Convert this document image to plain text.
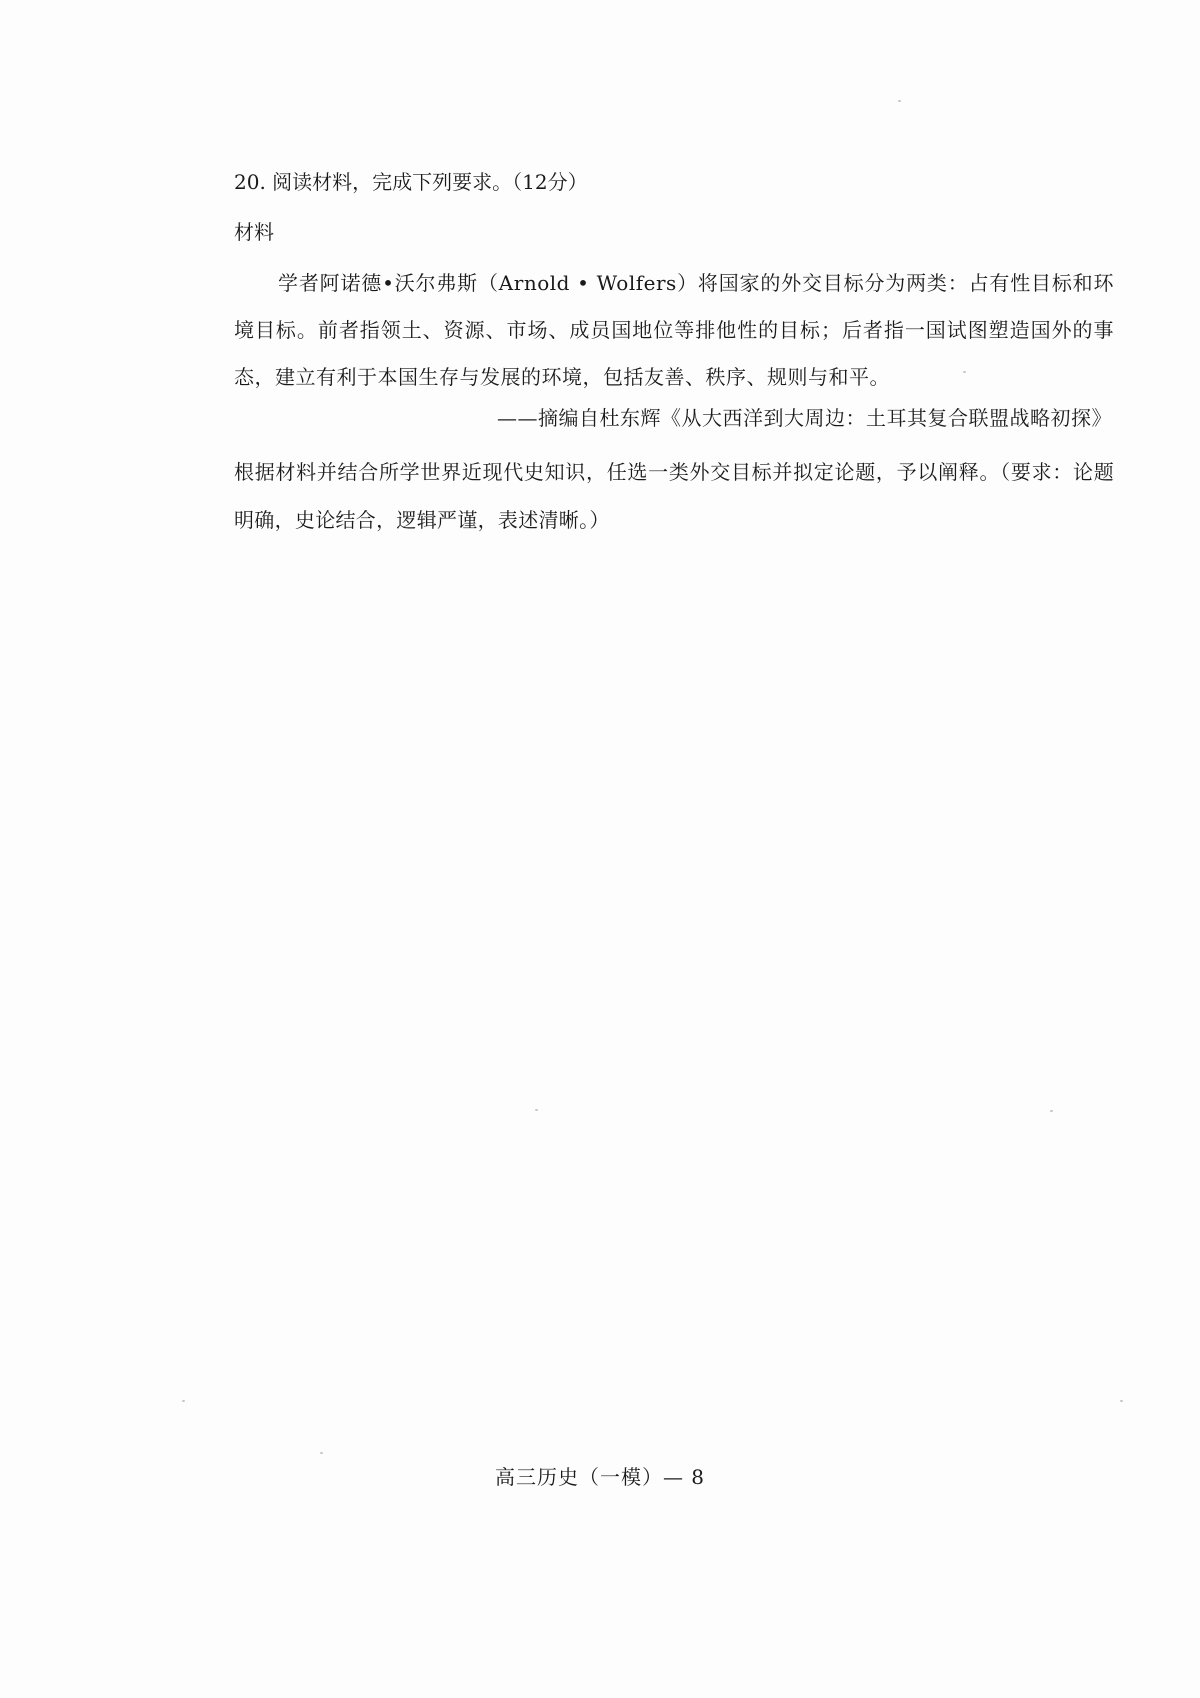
20. 阅读材料，完成下列要求。（12分）
材料
学者阿诺德•沃尔弗斯（Arnold • Wolfers）将国家的外交目标分为两类：占有性目标和环境目标。前者指领土、资源、市场、成员国地位等排他性的目标；后者指一国试图塑造国外的事态，建立有利于本国生存与发展的环境，包括友善、秩序、规则与和平。
——摘编自杜东辉《从大西洋到大周边：土耳其复合联盟战略初探》
根据材料并结合所学世界近现代史知识，任选一类外交目标并拟定论题，予以阐释。（要求：论题明确，史论结合，逻辑严谨，表述清晰。）
高三历史（一模）— 8
